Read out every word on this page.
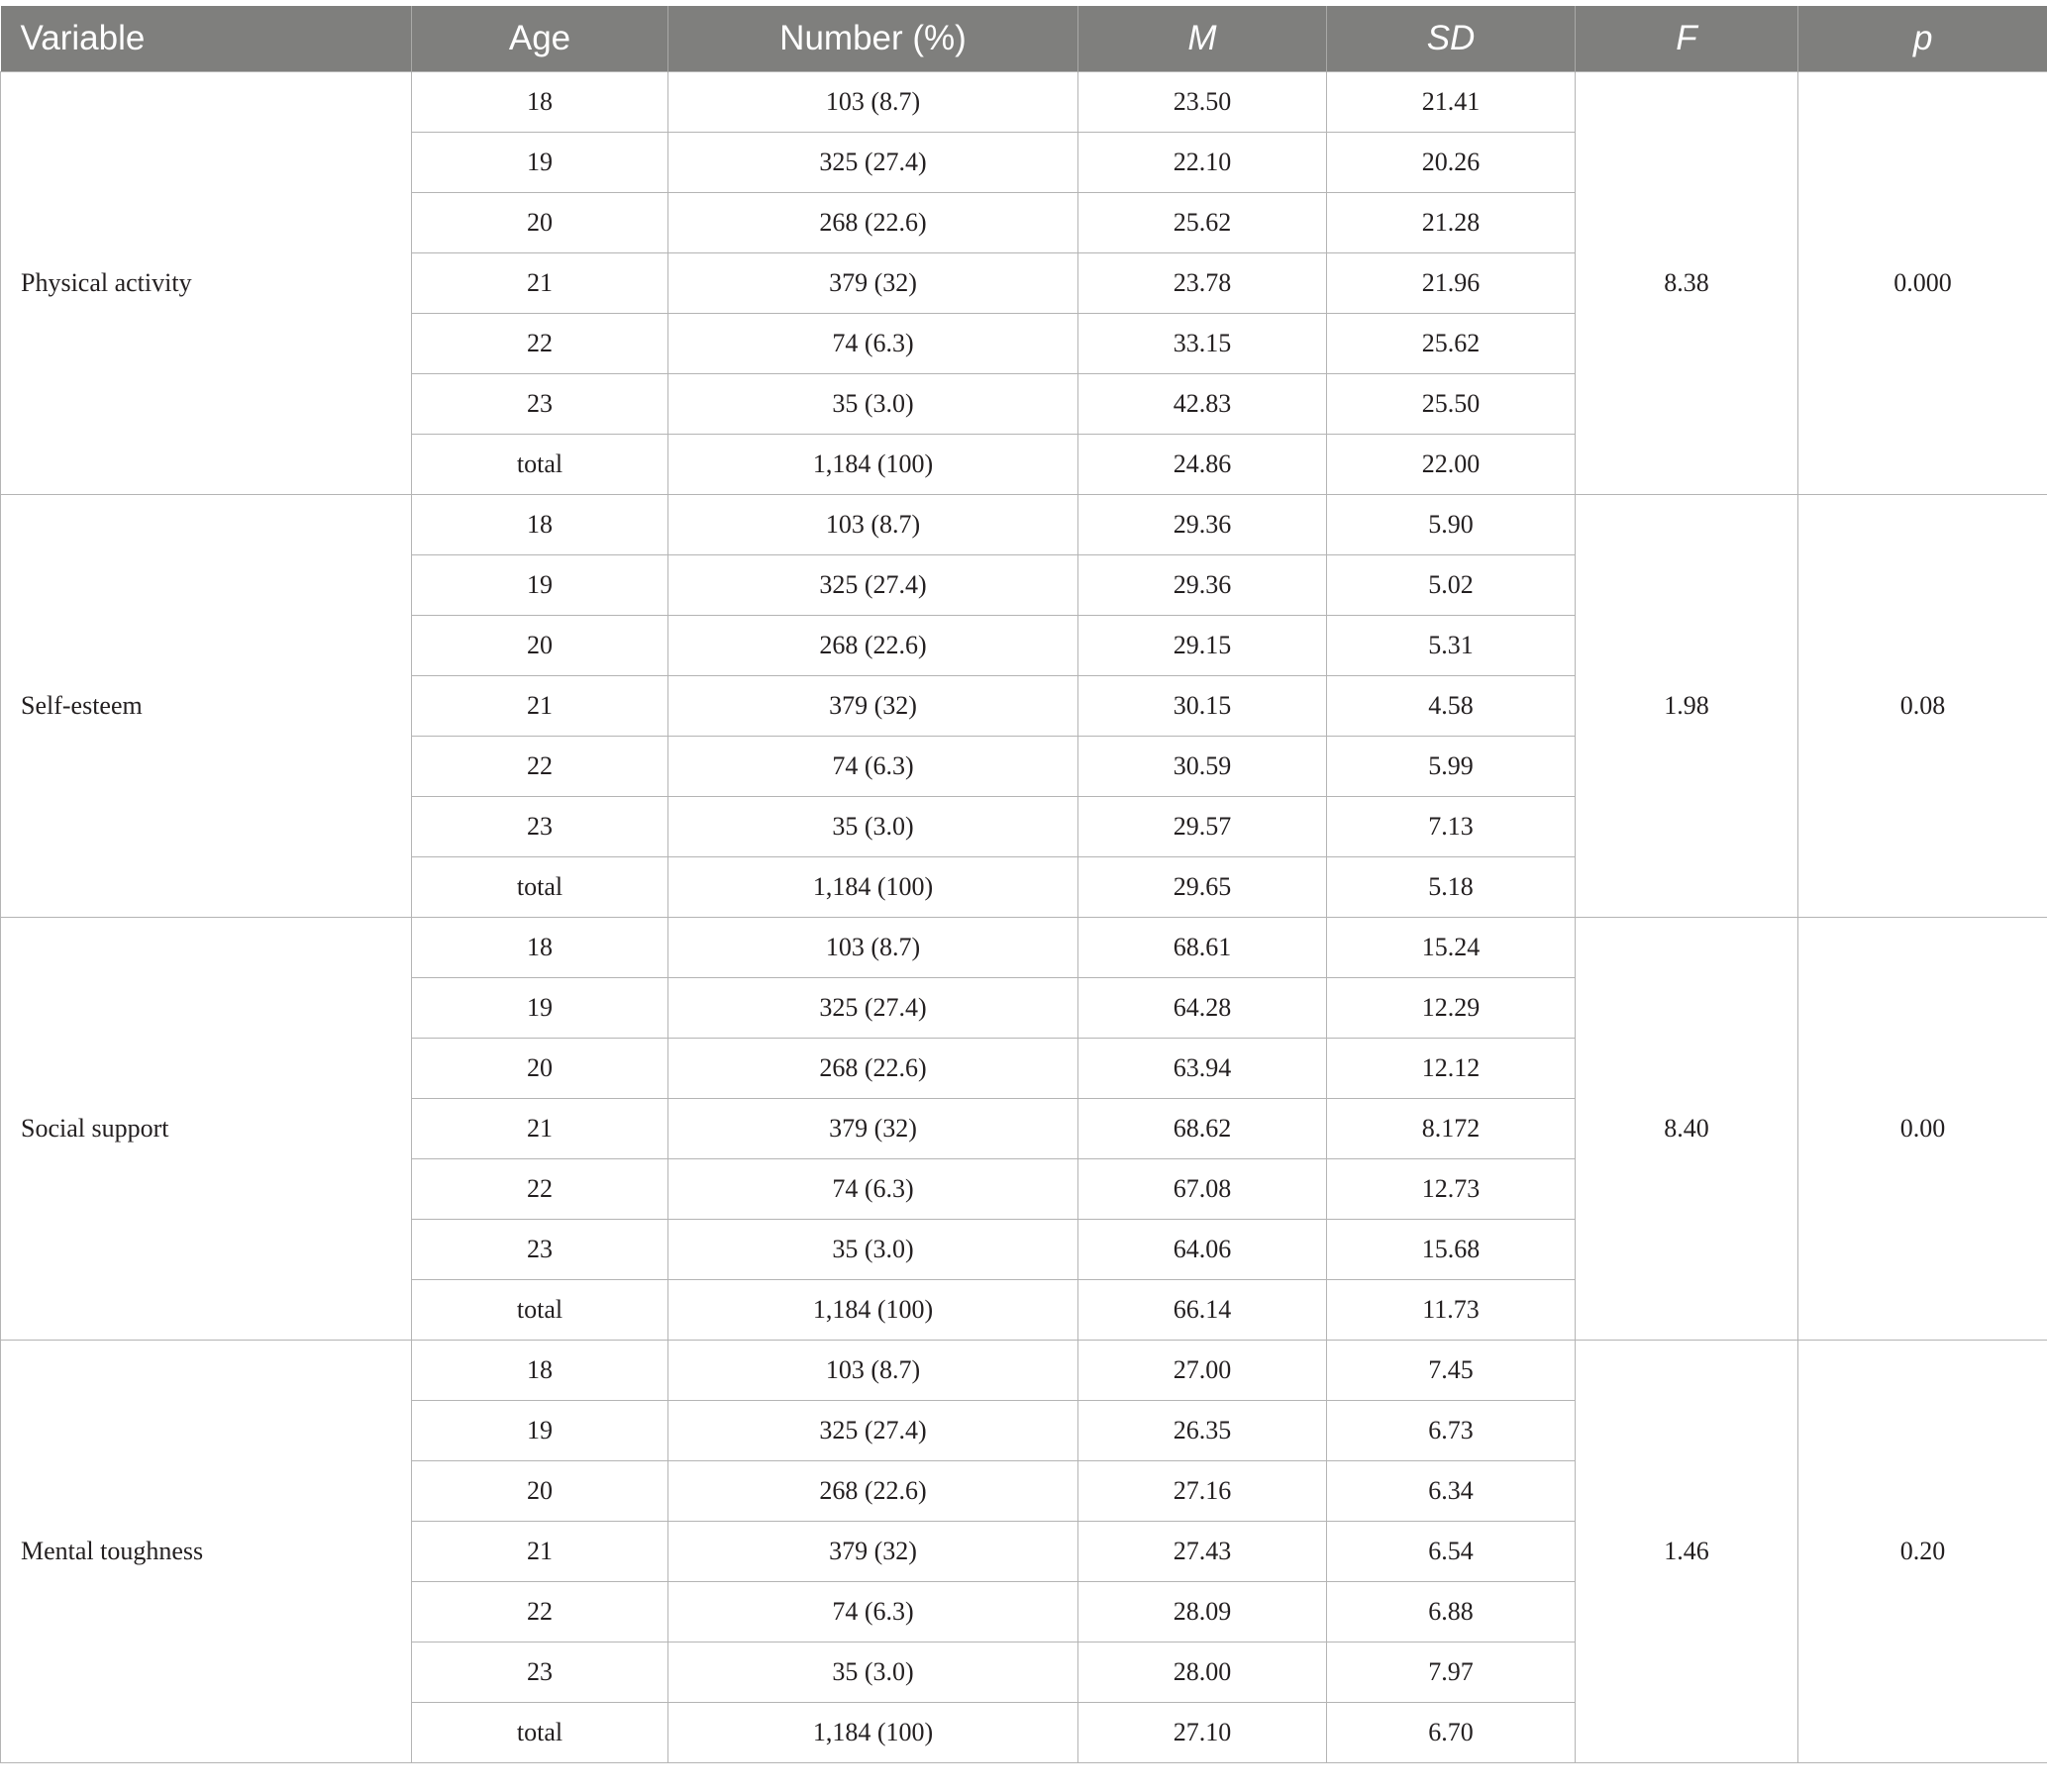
Variable	Age	Number (%)	M	SD	F	p
Physical activity	18	103 (8.7)	23.50	21.41	8.38	0.000
	19	325 (27.4)	22.10	20.26		
	20	268 (22.6)	25.62	21.28		
	21	379 (32)	23.78	21.96		
	22	74 (6.3)	33.15	25.62		
	23	35 (3.0)	42.83	25.50		
	total	1,184 (100)	24.86	22.00		
Self-esteem	18	103 (8.7)	29.36	5.90	1.98	0.08
	19	325 (27.4)	29.36	5.02		
	20	268 (22.6)	29.15	5.31		
	21	379 (32)	30.15	4.58		
	22	74 (6.3)	30.59	5.99		
	23	35 (3.0)	29.57	7.13		
	total	1,184 (100)	29.65	5.18		
Social support	18	103 (8.7)	68.61	15.24	8.40	0.00
	19	325 (27.4)	64.28	12.29		
	20	268 (22.6)	63.94	12.12		
	21	379 (32)	68.62	8.172		
	22	74 (6.3)	67.08	12.73		
	23	35 (3.0)	64.06	15.68		
	total	1,184 (100)	66.14	11.73		
Mental toughness	18	103 (8.7)	27.00	7.45	1.46	0.20
	19	325 (27.4)	26.35	6.73		
	20	268 (22.6)	27.16	6.34		
	21	379 (32)	27.43	6.54		
	22	74 (6.3)	28.09	6.88		
	23	35 (3.0)	28.00	7.97		
	total	1,184 (100)	27.10	6.70		
